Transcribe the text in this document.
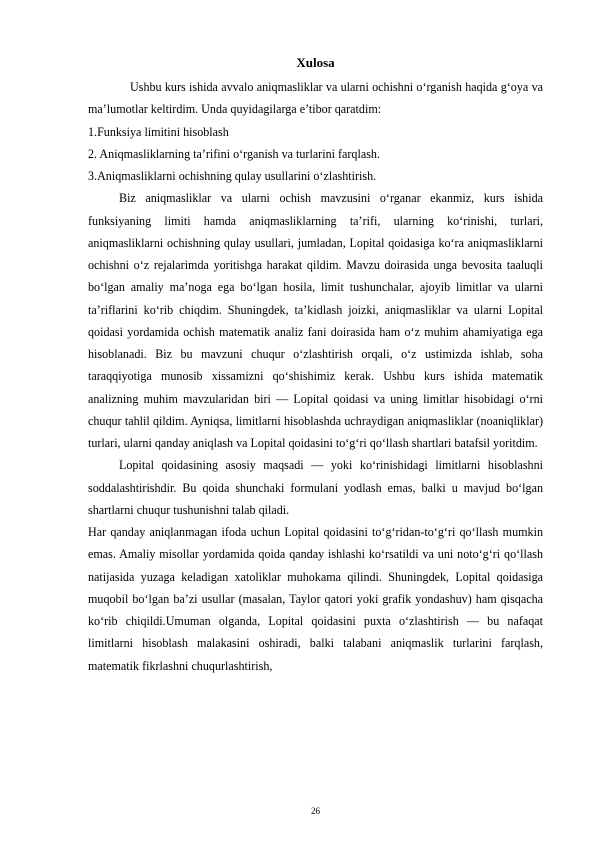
Xulosa

Ushbu kurs ishida avvalo aniqmasliklar va ularni ochishni o‘rganish haqida g‘oya va ma’lumotlar keltirdim. Unda quyidagilarga e’tibor qaratdim:

1.Funksiya limitini hisoblash

2. Aniqmasliklarning ta’rifini o‘rganish va turlarini farqlash.

3.Aniqmasliklarni ochishning qulay usullarini o‘zlashtirish.

Biz aniqmasliklar va ularni ochish mavzusini o‘rganar ekanmiz, kurs ishida funksiyaning limiti hamda aniqmasliklarning ta’rifi, ularning ko‘rinishi, turlari, aniqmasliklarni ochishning qulay usullari, jumladan, Lopital qoidasiga ko‘ra aniqmasliklarni ochishni o‘z rejalarimda yoritishga harakat qildim. Mavzu doirasida unga bevosita taaluqli bo‘lgan amaliy ma’noga ega bo‘lgan hosila, limit tushunchalar, ajoyib limitlar va ularni ta’riflarini ko‘rib chiqdim. Shuningdek, ta’kidlash joizki, aniqmasliklar va ularni Lopital qoidasi yordamida ochish matematik analiz fani doirasida ham o‘z muhim ahamiyatiga ega hisoblanadi. Biz bu mavzuni chuqur o‘zlashtirish orqali, o‘z ustimizda ishlab, soha taraqqiyotiga munosib xissamizni qo‘shishimiz kerak. Ushbu kurs ishida matematik analizning muhim mavzularidan biri — Lopital qoidasi va uning limitlar hisobidagi o‘rni chuqur tahlil qildim. Ayniqsa, limitlarni hisoblashda uchraydigan aniqmasliklar (noaniqliklar) turlari, ularni qanday aniqlash va Lopital qoidasini to‘g‘ri qo‘llash shartlari batafsil yoritdim.

Lopital qoidasining asosiy maqsadi — yoki ko‘rinishidagi limitlarni hisoblashni soddalashtirishdir. Bu qoida shunchaki formulani yodlash emas, balki u mavjud bo‘lgan shartlarni chuqur tushunishni talab qiladi.

Har qanday aniqlanmagan ifoda uchun Lopital qoidasini to‘g‘ridan-to‘g‘ri qo‘llash mumkin emas. Amaliy misollar yordamida qoida qanday ishlashi ko‘rsatildi va uni noto‘g‘ri qo‘llash natijasida yuzaga keladigan xatoliklar muhokama qilindi. Shuningdek, Lopital qoidasiga muqobil bo‘lgan ba’zi usullar (masalan, Taylor qatori yoki grafik yondashuv) ham qisqacha ko‘rib chiqildi.Umuman olganda, Lopital qoidasini puxta o‘zlashtirish — bu nafaqat limitlarni hisoblash malakasini oshiradi, balki talabani aniqmaslik turlarini farqlash, matematik fikrlashni chuqurlashtirish,

26
